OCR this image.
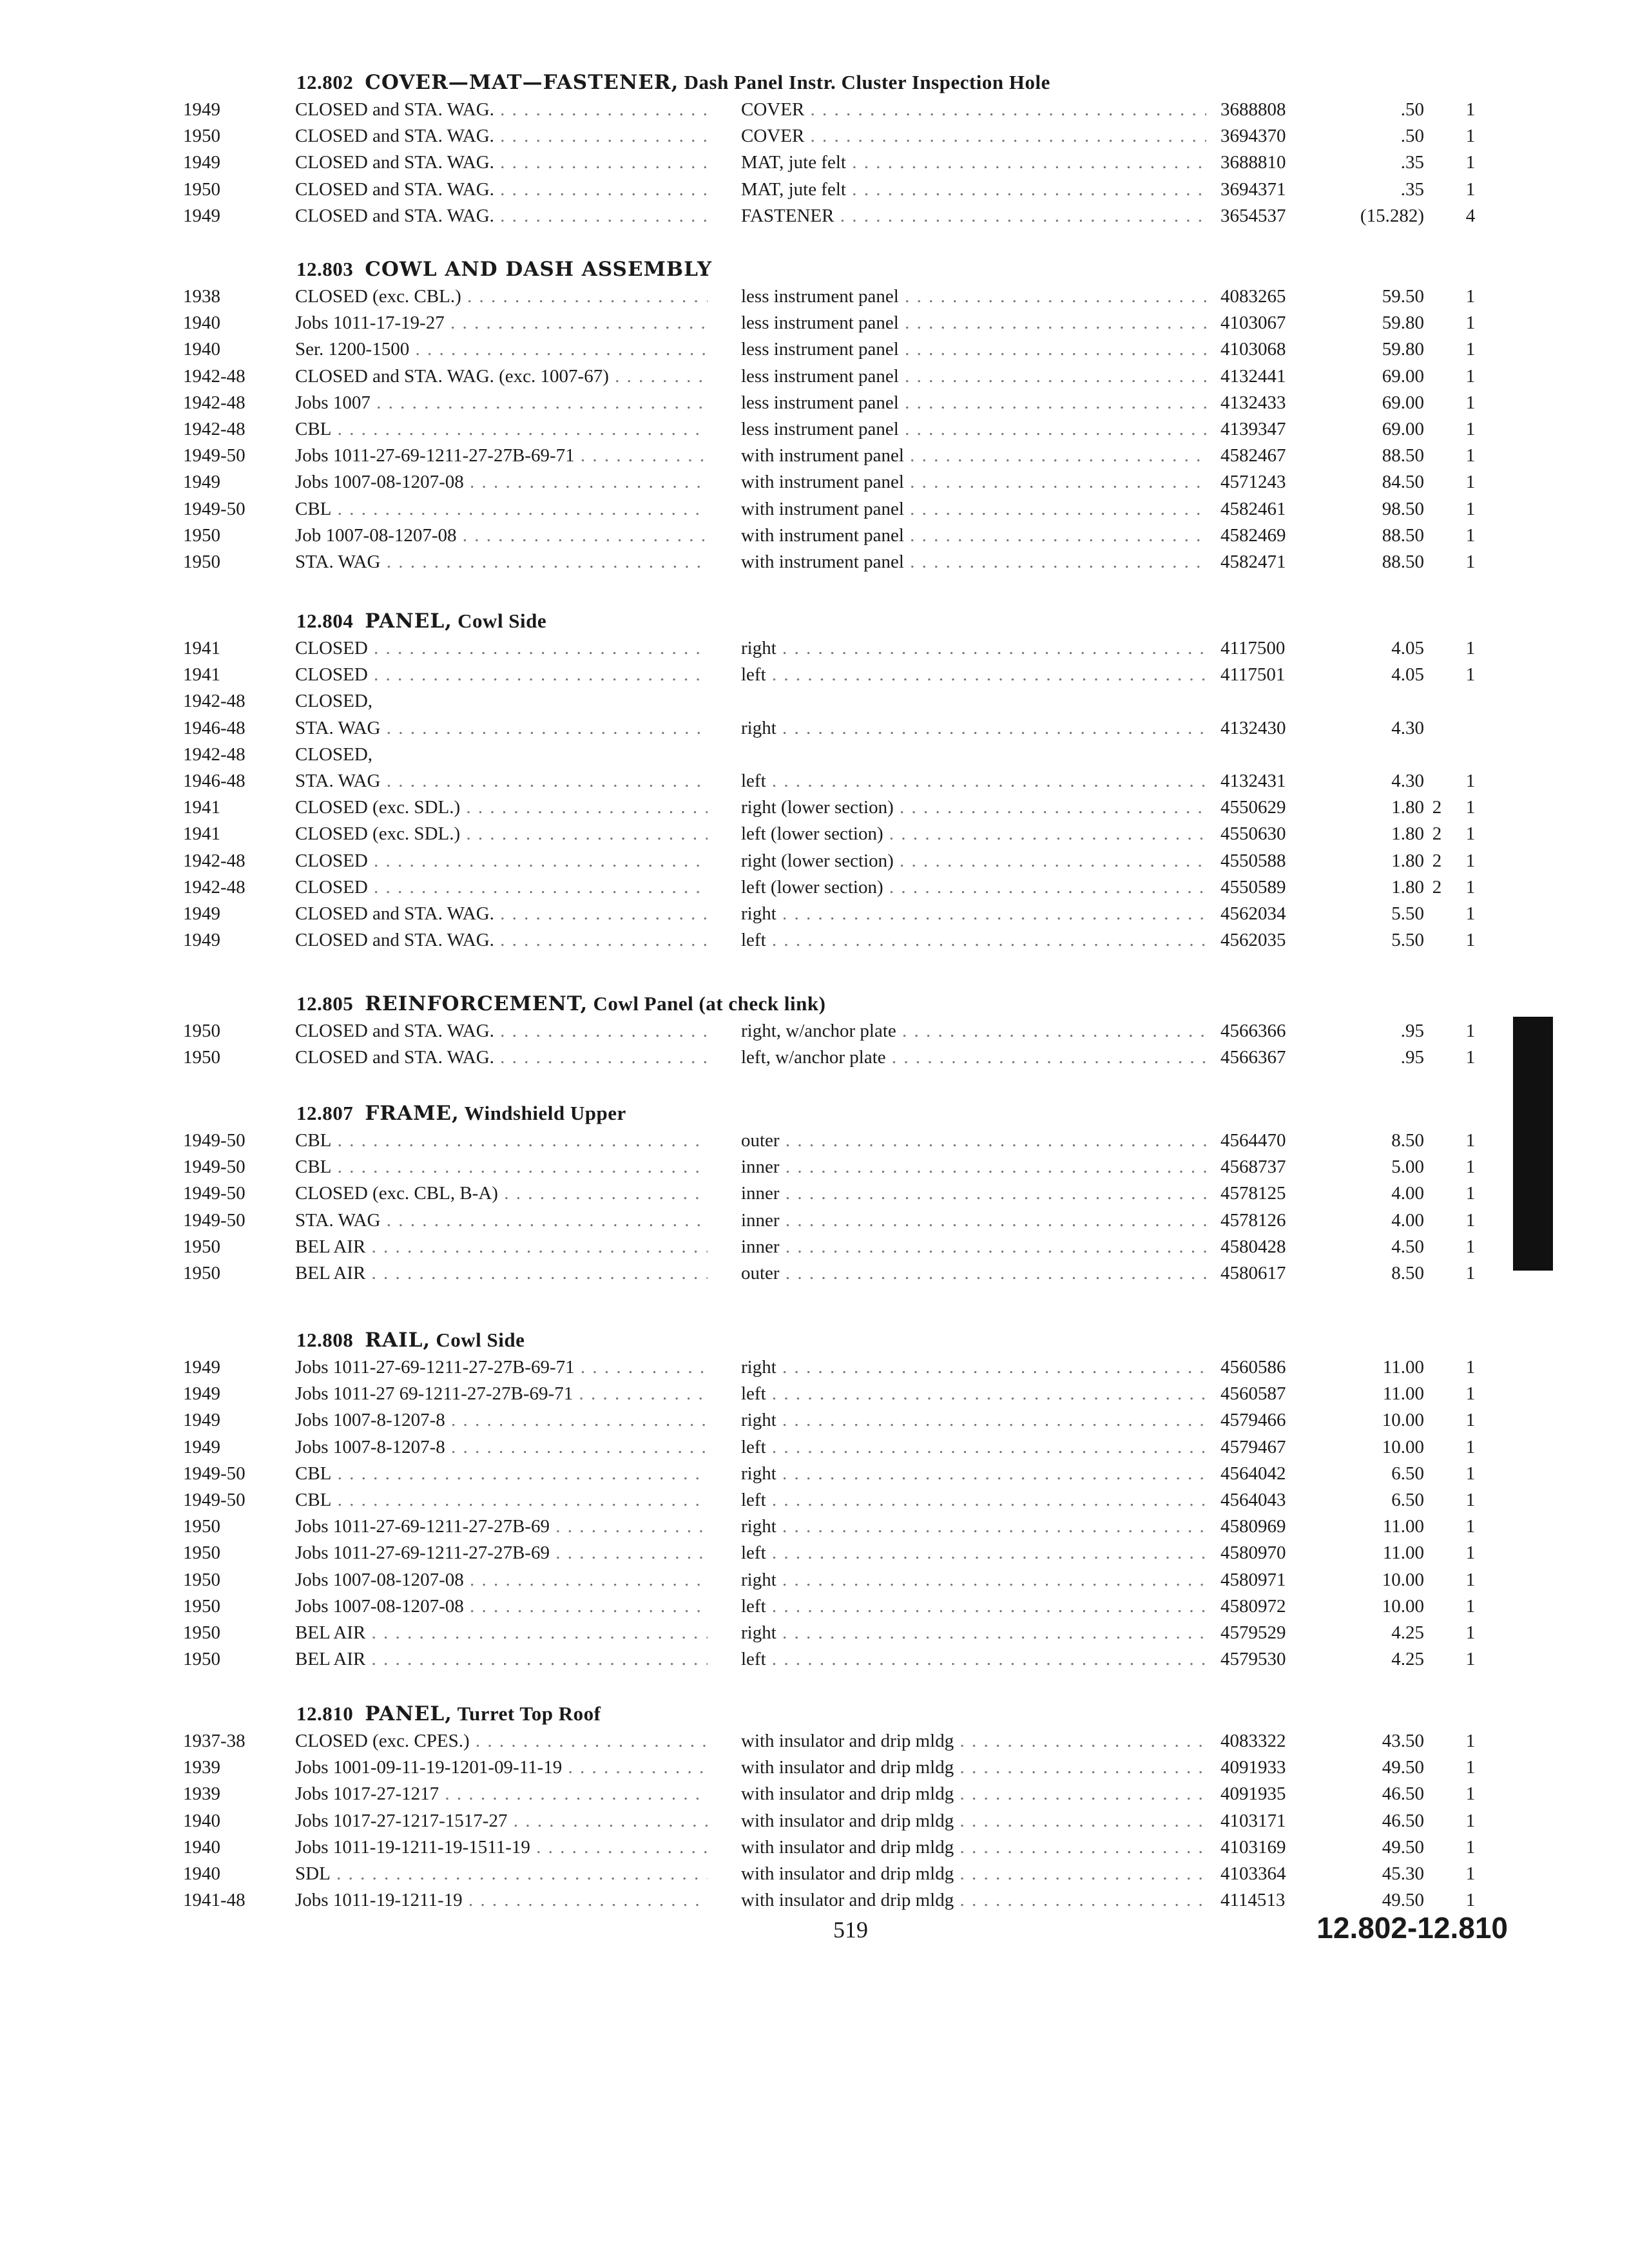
12.802 COVER—MAT—FASTENER, Dash Panel Instr. Cluster Inspection Hole
1949	CLOSED and STA. WAG. . . .	COVER . . .	3688808	.50	1
1950	CLOSED and STA. WAG. . . .	COVER . . .	3694370	.50	1
1949	CLOSED and STA. WAG. . . .	MAT, jute felt . . .	3688810	.35	1
1950	CLOSED and STA. WAG. . . .	MAT, jute felt . . .	3694371	.35	1
1949	CLOSED and STA. WAG. . . .	FASTENER . . .	3654537	(15.282)	4
12.803 COWL AND DASH ASSEMBLY
1938	CLOSED (exc. CBL.) . . .	less instrument panel . . .	4083265	59.50	1
1940	Jobs 1011-17-19-27 . . .	less instrument panel . . .	4103067	59.80	1
1940	Ser. 1200-1500 . . .	less instrument panel . . .	4103068	59.80	1
1942-48	CLOSED and STA. WAG. (exc. 1007-67) . . .	less instrument panel . . .	4132441	69.00	1
1942-48	Jobs 1007 . . .	less instrument panel . . .	4132433	69.00	1
1942-48	CBL . . .	less instrument panel . . .	4139347	69.00	1
1949-50	Jobs 1011-27-69-1211-27-27B-69-71 . . .	with instrument panel . . .	4582467	88.50	1
1949	Jobs 1007-08-1207-08 . . .	with instrument panel . . .	4571243	84.50	1
1949-50	CBL . . .	with instrument panel . . .	4582461	98.50	1
1950	Job 1007-08-1207-08 . . .	with instrument panel . . .	4582469	88.50	1
1950	STA. WAG . . .	with instrument panel . . .	4582471	88.50	1
12.804 PANEL, Cowl Side
1941	CLOSED . . .	right . . .	4117500	4.05	1
1941	CLOSED . . .	left . . .	4117501	4.05	1
1942-48	CLOSED,
1946-48	STA. WAG . . .	right . . .	4132430	4.30
1942-48	CLOSED,
1946-48	STA. WAG . . .	left . . .	4132431	4.30	1
1941	CLOSED (exc. SDL.) . . .	right (lower section) . . .	4550629	1.80 2	1
1941	CLOSED (exc. SDL.) . . .	left (lower section) . . .	4550630	1.80 2	1
1942-48	CLOSED . . .	right (lower section) . . .	4550588	1.80 2	1
1942-48	CLOSED . . .	left (lower section) . . .	4550589	1.80 2	1
1949	CLOSED and STA. WAG. . . .	right . . .	4562034	5.50	1
1949	CLOSED and STA. WAG. . . .	left . . .	4562035	5.50	1
12.805 REINFORCEMENT, Cowl Panel (at check link)
1950	CLOSED and STA. WAG. . . .	right, w/anchor plate . . .	4566366	.95	1
1950	CLOSED and STA. WAG. . . .	left, w/anchor plate . . .	4566367	.95	1
12.807 FRAME, Windshield Upper
1949-50	CBL . . .	outer . . .	4564470	8.50	1
1949-50	CBL . . .	inner . . .	4568737	5.00	1
1949-50	CLOSED (exc. CBL, B-A) . . .	inner . . .	4578125	4.00	1
1949-50	STA. WAG . . .	inner . . .	4578126	4.00	1
1950	BEL AIR . . .	inner . . .	4580428	4.50	1
1950	BEL AIR . . .	outer . . .	4580617	8.50	1
12.808 RAIL, Cowl Side
1949	Jobs 1011-27-69-1211-27-27B-69-71 . . .	right . . .	4560586	11.00	1
1949	Jobs 1011-27 69-1211-27-27B-69-71 . . .	left . . .	4560587	11.00	1
1949	Jobs 1007-8-1207-8 . . .	right . . .	4579466	10.00	1
1949	Jobs 1007-8-1207-8 . . .	left . . .	4579467	10.00	1
1949-50	CBL . . .	right . . .	4564042	6.50	1
1949-50	CBL . . .	left . . .	4564043	6.50	1
1950	Jobs 1011-27-69-1211-27-27B-69 . . .	right . . .	4580969	11.00	1
1950	Jobs 1011-27-69-1211-27-27B-69 . . .	left . . .	4580970	11.00	1
1950	Jobs 1007-08-1207-08 . . .	right . . .	4580971	10.00	1
1950	Jobs 1007-08-1207-08 . . .	left . . .	4580972	10.00	1
1950	BEL AIR . . .	right . . .	4579529	4.25	1
1950	BEL AIR . . .	left . . .	4579530	4.25	1
12.810 PANEL, Turret Top Roof
1937-38	CLOSED (exc. CPES.) . . .	with insulator and drip mldg . . .	4083322	43.50	1
1939	Jobs 1001-09-11-19-1201-09-11-19 . . .	with insulator and drip mldg . . .	4091933	49.50	1
1939	Jobs 1017-27-1217 . . .	with insulator and drip mldg . . .	4091935	46.50	1
1940	Jobs 1017-27-1217-1517-27 . . .	with insulator and drip mldg . . .	4103171	46.50	1
1940	Jobs 1011-19-1211-19-1511-19 . . .	with insulator and drip mldg . . .	4103169	49.50	1
1940	SDL . . .	with insulator and drip mldg . . .	4103364	45.30	1
1941-48	Jobs 1011-19-1211-19 . . .	with insulator and drip mldg . . .	4114513	49.50	1
519	12.802-12.810
